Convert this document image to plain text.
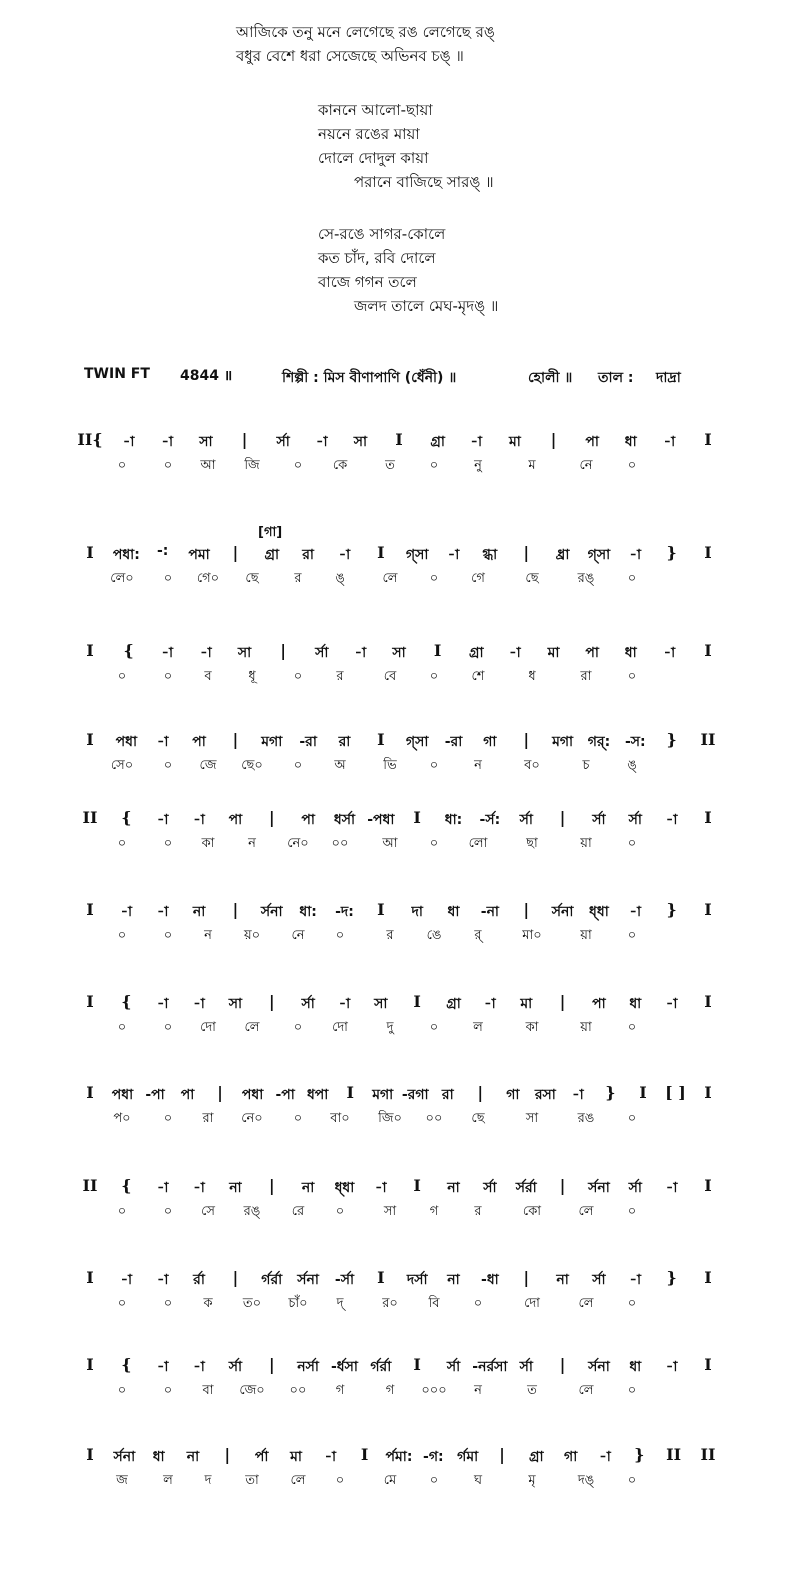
আজিকে তনু মনে লেগেছে রঙ লেগেছে রঙ্
বধুর বেশে ধরা সেজেছে অভিনব চঙ্ ॥
কাননে আলো-ছায়া
নয়নে রঙের মায়া
দোলে দোদুল কায়া
পরানে বাজিছে সারঙ্ ॥
সে-রঙে সাগর-কোলে
কত চাঁদ, রবি দোলে
বাজে গগন তলে
জলদ তালে মেঘ-মৃদঙ্ ॥
TWIN FT 4844 ॥	শিল্পী : মিস বীণাপাণি (ধেঁনী) ॥	হোলী ॥ তাল : দাদ্রা
II{ -া -া সা | র্সা -া সা I গ্রা -া মা | পা ধা -া I
০	০ আ জি	০ কে	ত	০	নু	ম	নে	০
[গা]
I পধা: -: পমা | গ্রা রা -া I গ্সা -া গ্ধা | ধ্রা গ্সা -া } I
লে০ ০ গে০ ছে	র	ঙ্	লে ০	গে	ছে	রঙ্	০
I { -া -া সা | র্সা -া সা I গ্রা -া মা পা ধা -া I
০	০ ব	ধূ	০	র	বে	০	শে	ধ	রা	০
I পধা -া পা | মগা -রা রা I গ্সা -রা গা | মগা গর্: -স: } II
সে০ ০ জে ছে০ ০ অ	ভি	০	ন	ব০	চ	ঙ্
II { -া -া পা | পা ধর্সা -পধা I ধা: -র্স: র্সা | র্সা র্সা -া I
০	০ কা	ন নে০ ০০	আ ০ লো	ছা	য়া	০
I -া -া না | র্সনা ধা: -দ: I দা ধা -না | র্সনা ধ্ধা -া } I
০	০ ন য়০ নে ০	র	ঙে	র্	মা০	য়া	০
I { -া -া সা | র্সা -া সা I গ্রা -া মা | পা ধা -া I
০	০ দো লে	০ দো	দু	০	ল	কা	য়া	০
I পধা -পা পা | পধা -পা ধপা I মগা -রগা রা | গা রসা -া } I [ ] I
প০	০ রা নে০ ০ বা০ জি০ ০০ ছে	সা	রঙ	০
II { -া -া না | না ধ্ধা -া I না র্সা র্সর্রা | র্সনা র্সা -া I
০	০ সে রঙ্ রে ০	সা	গ	র	কো	লে	০
I -া -া র্রা | র্গর্রা র্সনা -র্সা I দর্সা না -ধা | না র্সা -া } I
০	০ ক ত০ চাঁ০ দ্	র০ বি	০	দো	লে	০
I { -া -া র্সা | নর্সা -র্ধসা র্গর্রা I র্সা -নর্রসা র্সা | র্সনা ধা -া I
০	০ বা জে০ ০০ গ	গ ০০০ ন	ত	লে	০
I র্সনা ধা না | র্পা মা -া I র্পমা: -গ: র্গমা | গ্রা গা -া } II II
জ	ল দ	তা লে ০	মে	০	ঘ	মৃ	দঙ্	০
